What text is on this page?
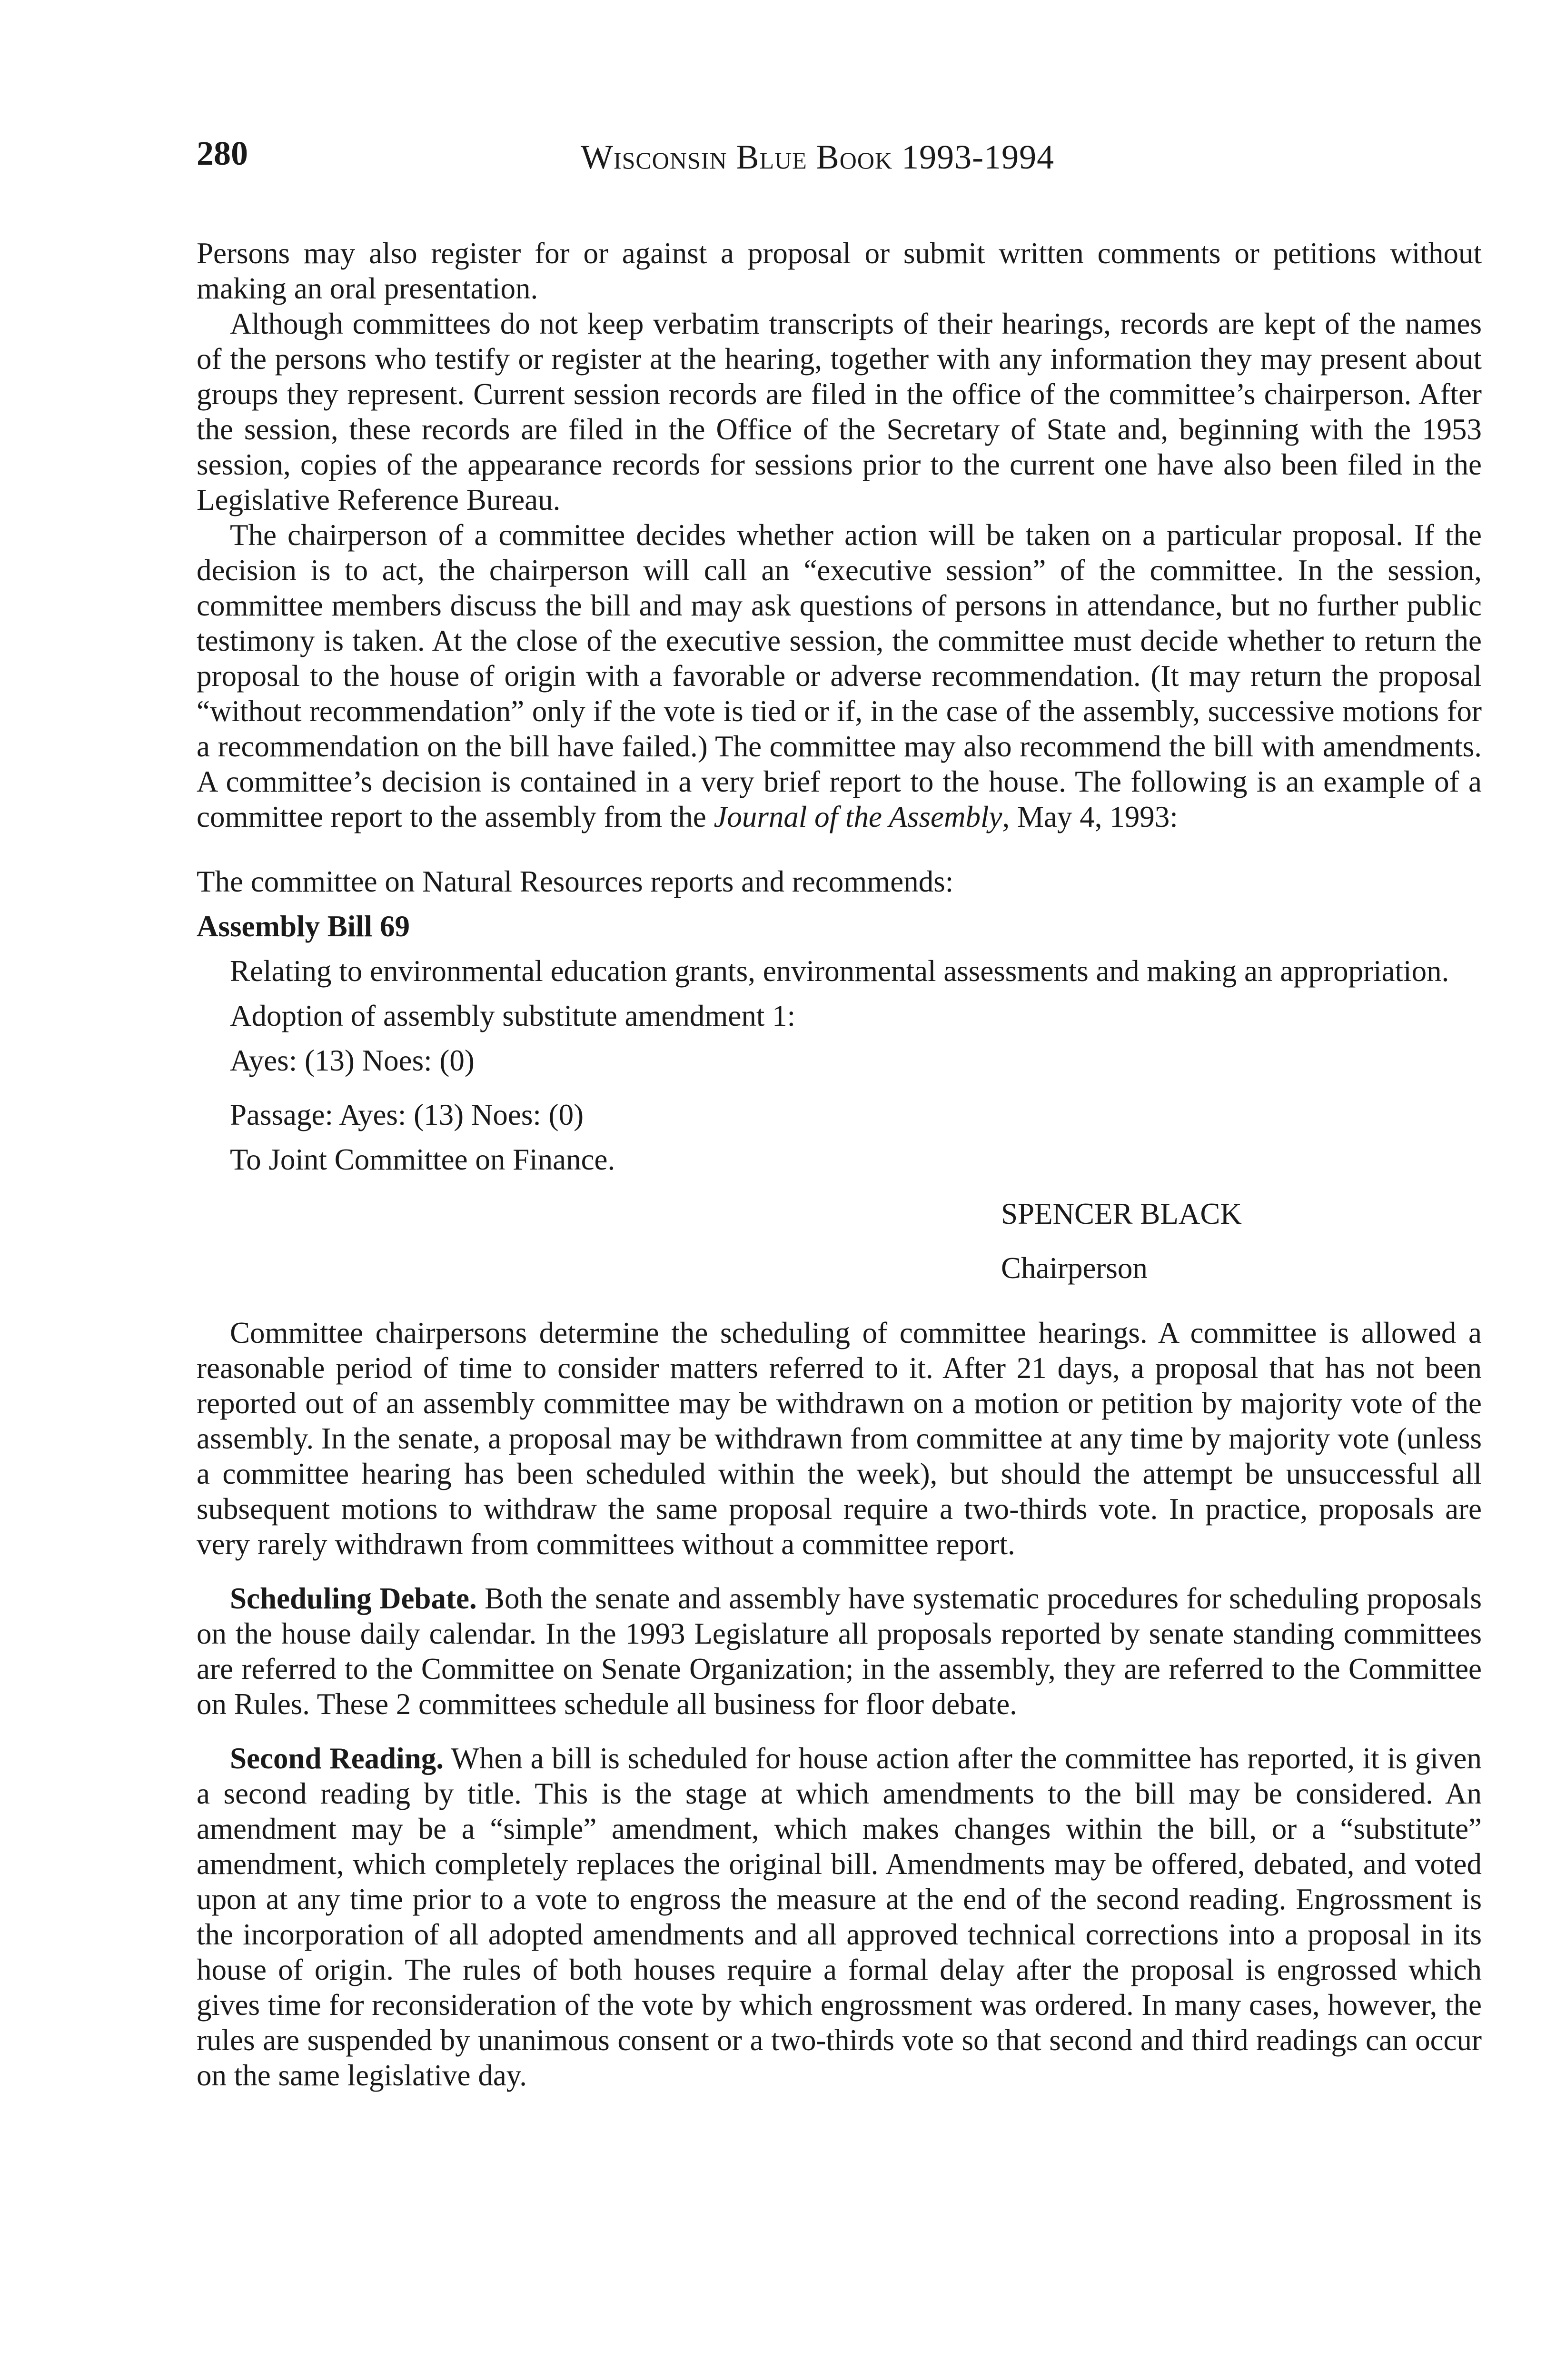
280	Wisconsin Blue Book 1993-1994

Persons may also register for or against a proposal or submit written comments or petitions without making an oral presentation.

Although committees do not keep verbatim transcripts of their hearings, records are kept of the names of the persons who testify or register at the hearing, together with any information they may present about groups they represent. Current session records are filed in the office of the committee’s chairperson. After the session, these records are filed in the Office of the Secretary of State and, beginning with the 1953 session, copies of the appearance records for sessions prior to the current one have also been filed in the Legislative Reference Bureau.

The chairperson of a committee decides whether action will be taken on a particular proposal. If the decision is to act, the chairperson will call an “executive session” of the committee. In the session, committee members discuss the bill and may ask questions of persons in attendance, but no further public testimony is taken. At the close of the executive session, the committee must decide whether to return the proposal to the house of origin with a favorable or adverse recommendation. (It may return the proposal “without recommendation” only if the vote is tied or if, in the case of the assembly, successive motions for a recommendation on the bill have failed.) The committee may also recommend the bill with amendments. A committee’s decision is contained in a very brief report to the house. The following is an example of a committee report to the assembly from the Journal of the Assembly, May 4, 1993:

The committee on Natural Resources reports and recommends:

Assembly Bill 69

Relating to environmental education grants, environmental assessments and making an appropriation.

Adoption of assembly substitute amendment 1:

Ayes: (13) Noes: (0)

Passage: Ayes: (13) Noes: (0)

To Joint Committee on Finance.

SPENCER BLACK

Chairperson

Committee chairpersons determine the scheduling of committee hearings. A committee is allowed a reasonable period of time to consider matters referred to it. After 21 days, a proposal that has not been reported out of an assembly committee may be withdrawn on a motion or petition by majority vote of the assembly. In the senate, a proposal may be withdrawn from committee at any time by majority vote (unless a committee hearing has been scheduled within the week), but should the attempt be unsuccessful all subsequent motions to withdraw the same proposal require a two-thirds vote. In practice, proposals are very rarely withdrawn from committees without a committee report.

Scheduling Debate. Both the senate and assembly have systematic procedures for scheduling proposals on the house daily calendar. In the 1993 Legislature all proposals reported by senate standing committees are referred to the Committee on Senate Organization; in the assembly, they are referred to the Committee on Rules. These 2 committees schedule all business for floor debate.

Second Reading. When a bill is scheduled for house action after the committee has reported, it is given a second reading by title. This is the stage at which amendments to the bill may be considered. An amendment may be a “simple” amendment, which makes changes within the bill, or a “substitute” amendment, which completely replaces the original bill. Amendments may be offered, debated, and voted upon at any time prior to a vote to engross the measure at the end of the second reading. Engrossment is the incorporation of all adopted amendments and all approved technical corrections into a proposal in its house of origin. The rules of both houses require a formal delay after the proposal is engrossed which gives time for reconsideration of the vote by which engrossment was ordered. In many cases, however, the rules are suspended by unanimous consent or a two-thirds vote so that second and third readings can occur on the same legislative day.
